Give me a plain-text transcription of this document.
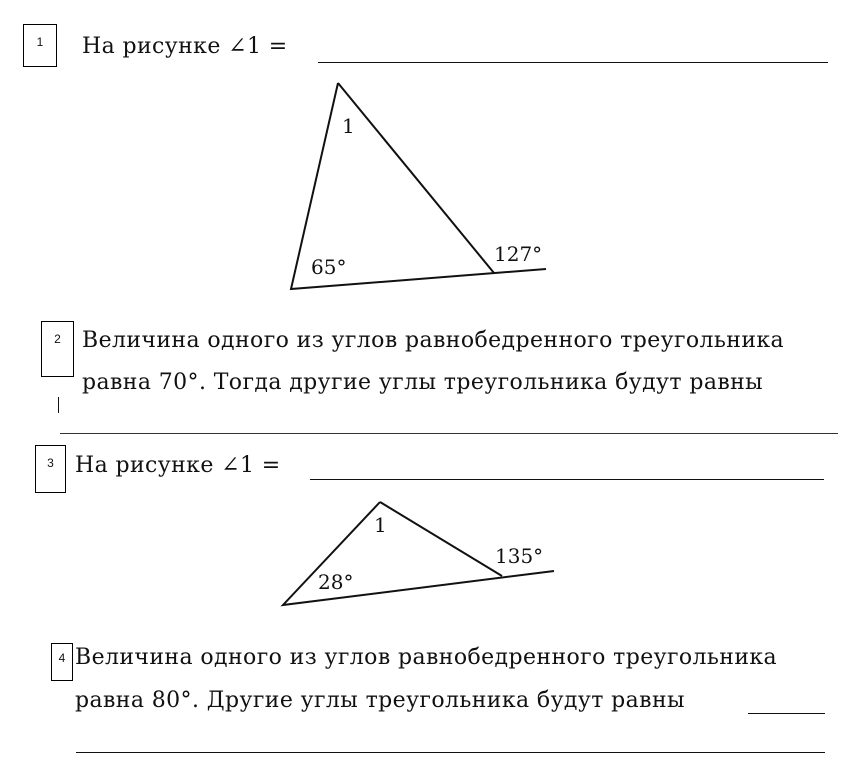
1 На рисунке ∠1 =
1
65°
127°
2 Величина одного из углов равнобедренного треугольника
равна 70°. Тогда другие углы треугольника будут равны
3 На рисунке ∠1 =
1
28°
135°
4 Величина одного из углов равнобедренного треугольника
равна 80°. Другие углы треугольника будут равны
